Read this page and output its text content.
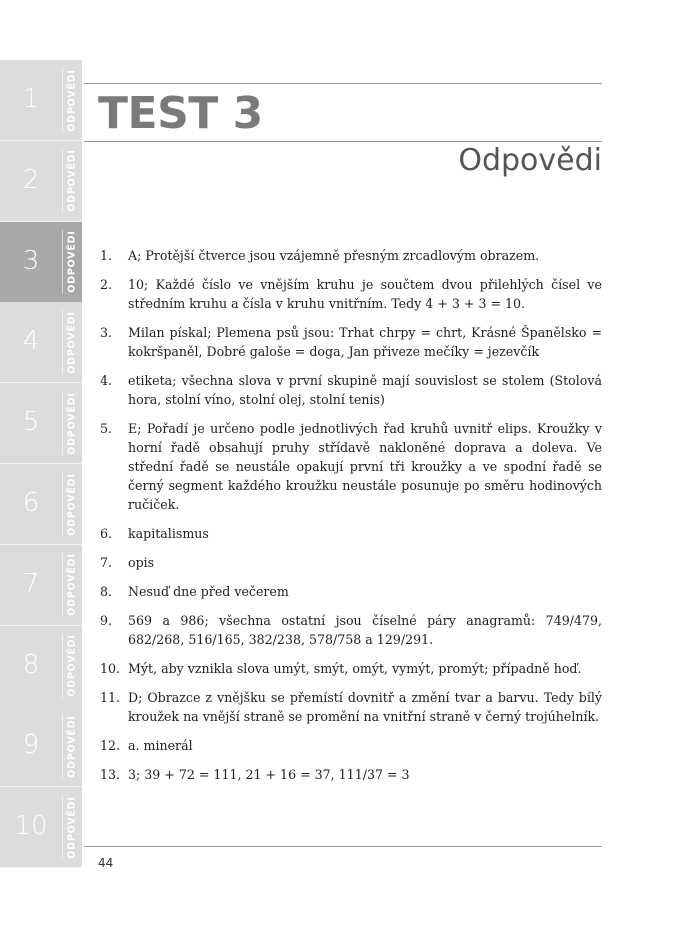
1	ODPOVĚDI
2	ODPOVĚDI
3	ODPOVĚDI
4	ODPOVĚDI
5	ODPOVĚDI
6	ODPOVĚDI
7	ODPOVĚDI
8	ODPOVĚDI
9	ODPOVĚDI
10	ODPOVĚDI
TEST 3
Odpovědi
1.	A; Protější čtverce jsou vzájemně přesným zrcadlovým obrazem.
2.	10; Každé číslo ve vnějším kruhu je součtem dvou přilehlých čísel ve středním kruhu a čísla v kruhu vnitřním. Tedy 4 + 3 + 3 = 10.
3.	Milan pískal; Plemena psů jsou: Trhat chrpy = chrt, Krásné Španělsko = kokršpaněl, Dobré galoše = doga, Jan přiveze mečíky = jezevčík
4.	etiketa; všechna slova v první skupině mají souvislost se stolem (Stolová hora, stolní víno, stolní olej, stolní tenis)
5.	E; Pořadí je určeno podle jednotlivých řad kruhů uvnitř elips. Kroužky v horní řadě obsahují pruhy střídavě nakloněné doprava a doleva. Ve střední řadě se neustále opakují první tři kroužky a ve spodní řadě se černý segment každého kroužku neustále posunuje po směru hodinových ručiček.
6.	kapitalismus
7.	opis
8.	Nesuď dne před večerem
9.	569 a 986; všechna ostatní jsou číselné páry anagramů: 749/479, 682/268, 516/165, 382/238, 578/758 a 129/291.
10. Mýt, aby vznikla slova umýt, smýt, omýt, vymýt, promýt; případně hoď.
11. D; Obrazce z vnějšku se přemístí dovnitř a změní tvar a barvu. Tedy bílý kroužek na vnější straně se promění na vnitřní straně v černý trojúhelník.
12. a. minerál
13. 3; 39 + 72 = 111, 21 + 16 = 37, 111/37 = 3
44
